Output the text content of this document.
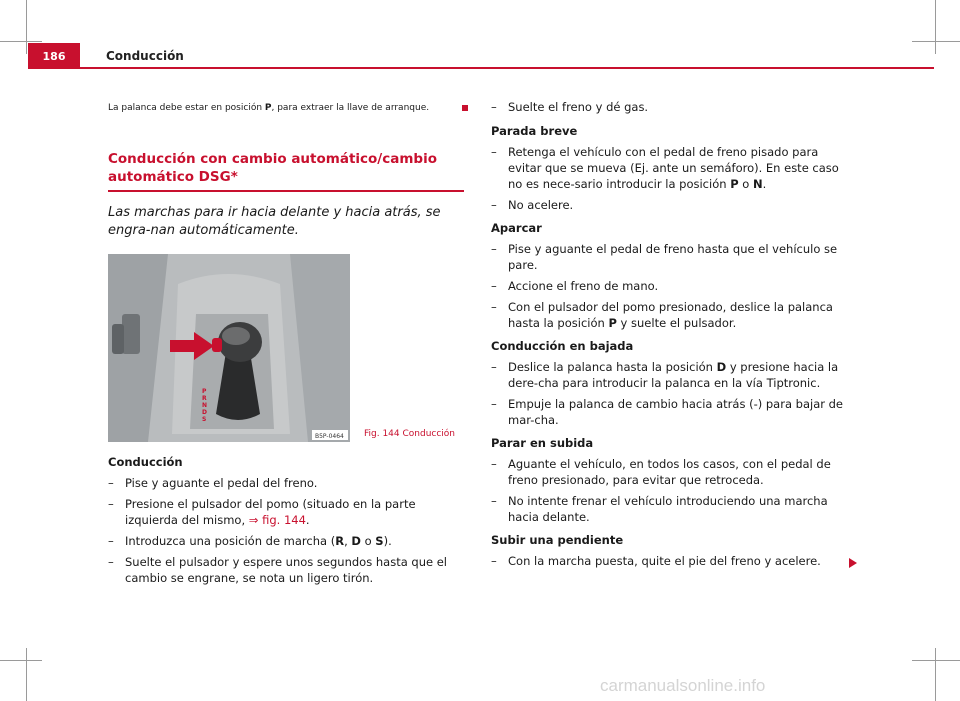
186	Conducción

La palanca debe estar en posición P, para extraer la llave de arranque.

Conducción con cambio automático/cambio automático DSG*

Las marchas para ir hacia delante y hacia atrás, se engra-nan automáticamente.

P
R
N
D
S
B5P-0464 Fig. 144 Conducción
Conducción
– Pise y aguante el pedal del freno.
– Presione el pulsador del pomo (situado en la parte izquierda del mismo, ⇒ fig. 144.
– Introduzca una posición de marcha (R, D o S).
– Suelte el pulsador y espere unos segundos hasta que el cambio se engrane, se nota un ligero tirón.
– Suelte el freno y dé gas.
Parada breve
– Retenga el vehículo con el pedal de freno pisado para evitar que se mueva (Ej. ante un semáforo). En este caso no es nece-sario introducir la posición P o N.
– No acelere.
Aparcar
– Pise y aguante el pedal de freno hasta que el vehículo se pare.
– Accione el freno de mano.
– Con el pulsador del pomo presionado, deslice la palanca hasta la posición P y suelte el pulsador.
Conducción en bajada
– Deslice la palanca hasta la posición D y presione hacia la dere-cha para introducir la palanca en la vía Tiptronic.
– Empuje la palanca de cambio hacia atrás (-) para bajar de mar-cha.
Parar en subida
– Aguante el vehículo, en todos los casos, con el pedal de freno presionado, para evitar que retroceda.
– No intente frenar el vehículo introduciendo una marcha hacia delante.
Subir una pendiente
– Con la marcha puesta, quite el pie del freno y acelere.
carmanualsonline.info
